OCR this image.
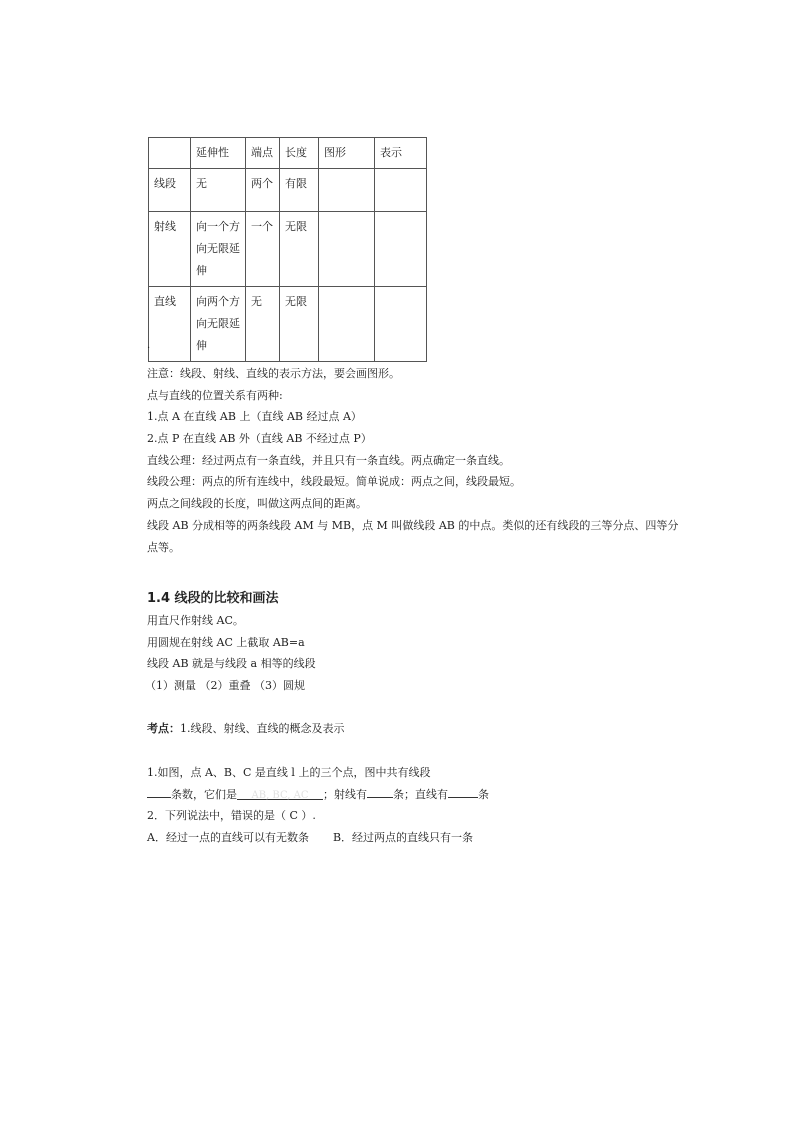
	延伸性	端点	长度	图形	表示
线段	无	两个	有限		
射线	向一个方向无限延伸	一个	无限		
直线	向两个方向无限延伸	无	无限		
·
注意：线段、射线、直线的表示方法，要会画图形。
点与直线的位置关系有两种:
1.点 A 在直线 AB 上（直线 AB 经过点 A）
2.点 P 在直线 AB 外（直线 AB 不经过点 P）
直线公理：经过两点有一条直线，并且只有一条直线。两点确定一条直线。
线段公理：两点的所有连线中，线段最短。简单说成：两点之间，线段最短。
两点之间线段的长度，叫做这两点间的距离。
线段 AB 分成相等的两条线段 AM 与 MB，点 M 叫做线段 AB 的中点。类似的还有线段的三等分点、四等分
点等。
1.4 线段的比较和画法
用直尺作射线 AC。
用圆规在射线 AC 上截取 AB=a
线段 AB 就是与线段 a 相等的线段
（1）测量 （2）重叠 （3）圆规
考点：1.线段、射线、直线的概念及表示
1.如图，点 A、B、C 是直线 l 上的三个点，图中共有线段
条数，它们是 AB, BC, AC ；射线有 条；直线有	条
2．下列说法中，错误的是（ C ）.
A．经过一点的直线可以有无数条 B．经过两点的直线只有一条
